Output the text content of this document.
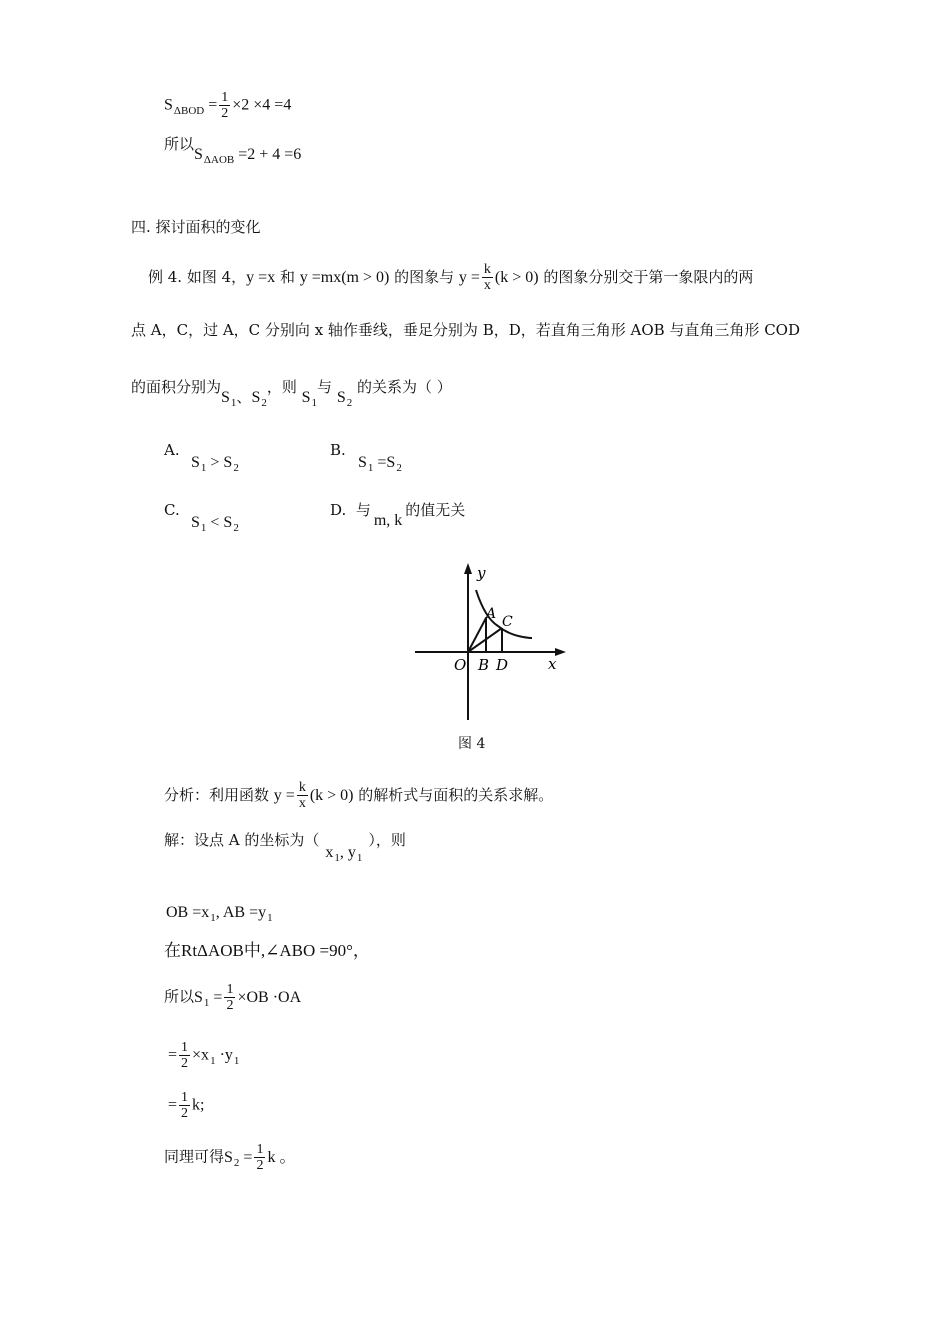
$S_{\Delta BOD} = \frac{1}{2} \times 2 \times 4 =4$
所以$S_{\Delta AOB} =2 + 4 =6$
四. 探讨面积的变化
例 4. 如图 4，y =x 和 y =mx(m > 0) 的图象与 $y = \frac{k}{x} (k > 0)$ 的图象分别交于第一象限内的两
点 A，C，过 A，C 分别向 x 轴作垂线，垂足分别为 B，D，若直角三角形 AOB 与直角三角形 COD
的面积分别为$S_1$、$S_2$，则 $S_1$与 $S_2$ 的关系为（ ）
A.
$S_1 > S_2$
B.
$S_1 =S_2$
C.
$S_1 < S_2$
D. 与m, k的值无关
y
x
O
A
B
C
D
图 4
分析：利用函数 $y = \frac{k}{x} (k > 0)$ 的解析式与面积的关系求解。
解：设点 A 的坐标为（$x_1$, $y_1$），则
OB $=x_1$, AB $=y_1$
在RtΔAOB中,∠ABO =90°，
所以$S_1 = \frac{1}{2} \times OB \cdot OA$
= $\frac{1}{2} \times x_1 \cdot y_1$
= $\frac{1}{2} k$;
同理可得$S_2 = \frac{1}{2}$ k 。
